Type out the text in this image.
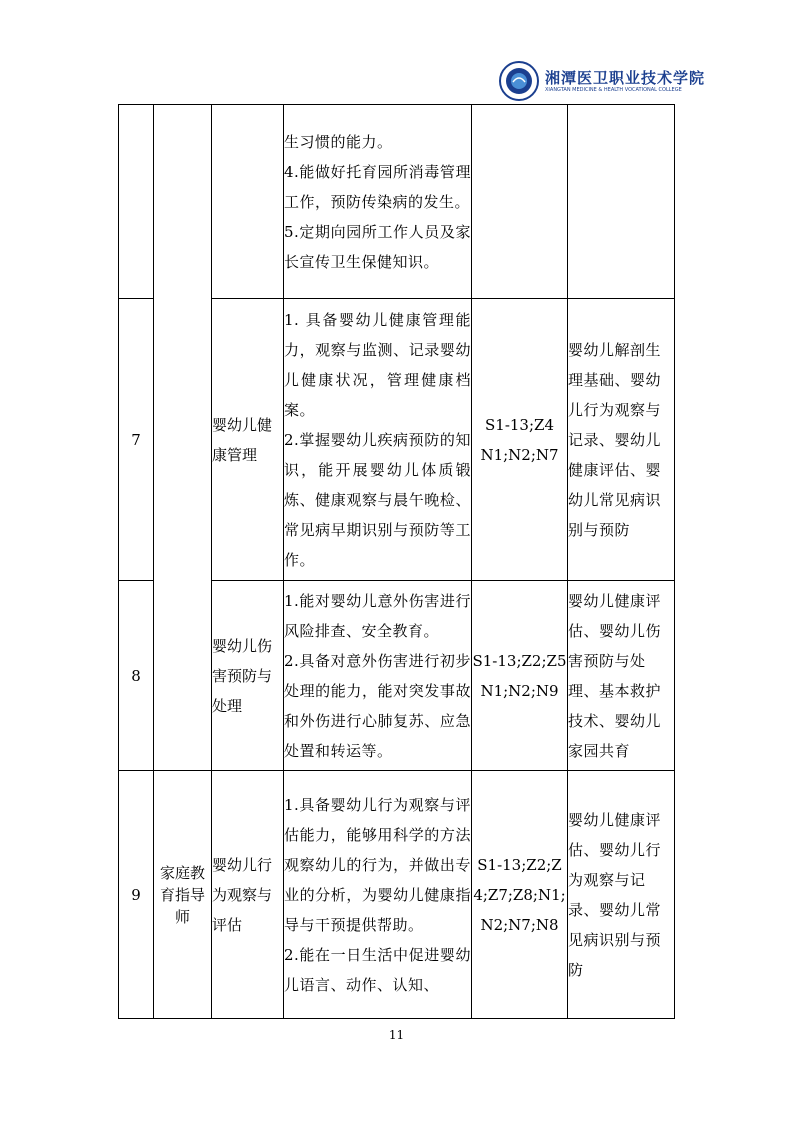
湘潭医卫职业技术学院
XIANGTAN MEDICINE & HEALTH VOCATIONAL COLLEGE

			生习惯的能力。
4.能做好托育园所消毒管理工作，预防传染病的发生。
5.定期向园所工作人员及家长宣传卫生保健知识。		

7		婴幼儿健康管理	1. 具备婴幼儿健康管理能力，观察与监测、记录婴幼儿健康状况，管理健康档案。
2.掌握婴幼儿疾病预防的知识，能开展婴幼儿体质锻炼、健康观察与晨午晚检、常见病早期识别与预防等工作。	S1-13;Z4 N1;N2;N7	婴幼儿解剖生理基础、婴幼儿行为观察与记录、婴幼儿健康评估、婴幼儿常见病识别与预防
8		婴幼儿伤害预防与处理	1.能对婴幼儿意外伤害进行风险排查、安全教育。
2.具备对意外伤害进行初步处理的能力，能对突发事故和外伤进行心肺复苏、应急处置和转运等。	S1-13;Z2;Z5 N1;N2;N9	婴幼儿健康评估、婴幼儿伤害预防与处理、基本救护技术、婴幼儿家园共育
9	家庭教育指导师	婴幼儿行为观察与评估	1.具备婴幼儿行为观察与评估能力，能够用科学的方法观察幼儿的行为，并做出专业的分析，为婴幼儿健康指导与干预提供帮助。
2.能在一日生活中促进婴幼儿语言、动作、认知、	S1-13;Z2;Z4;Z7;Z8;N1;N2;N7;N8	婴幼儿健康评估、婴幼儿行为观察与记录、婴幼儿常见病识别与预防
11
